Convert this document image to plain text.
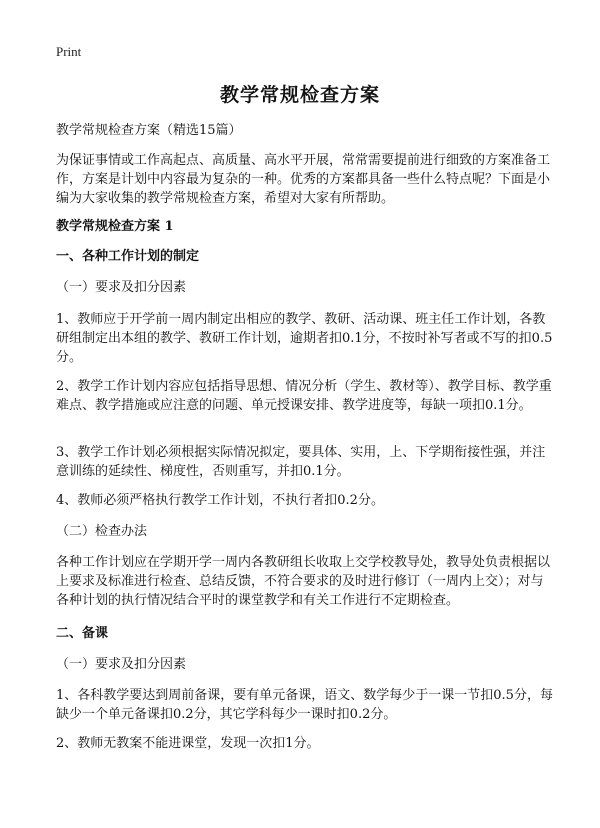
Print
教学常规检查方案
教学常规检查方案（精选15篇）
为保证事情或工作高起点、高质量、高水平开展，常常需要提前进行细致的方案准备工作，方案是计划中内容最为复杂的一种。优秀的方案都具备一些什么特点呢？下面是小编为大家收集的教学常规检查方案，希望对大家有所帮助。
教学常规检查方案 1
一、各种工作计划的制定
（一）要求及扣分因素
1、教师应于开学前一周内制定出相应的教学、教研、活动课、班主任工作计划，各教研组制定出本组的教学、教研工作计划，逾期者扣0.1分，不按时补写者或不写的扣0.5分。
2、教学工作计划内容应包括指导思想、情况分析（学生、教材等）、教学目标、教学重难点、教学措施或应注意的问题、单元授课安排、教学进度等，每缺一项扣0.1分。
3、教学工作计划必须根据实际情况拟定，要具体、实用，上、下学期衔接性强，并注意训练的延续性、梯度性，否则重写，并扣0.1分。
4、教师必须严格执行教学工作计划，不执行者扣0.2分。
（二）检查办法
各种工作计划应在学期开学一周内各教研组长收取上交学校教导处，教导处负责根据以上要求及标准进行检查、总结反馈，不符合要求的及时进行修订（一周内上交）；对与各种计划的执行情况结合平时的课堂教学和有关工作进行不定期检查。
二、备课
（一）要求及扣分因素
1、各科教学要达到周前备课，要有单元备课，语文、数学每少于一课一节扣0.5分，每缺少一个单元备课扣0.2分，其它学科每少一课时扣0.2分。
2、教师无教案不能进课堂，发现一次扣1分。
